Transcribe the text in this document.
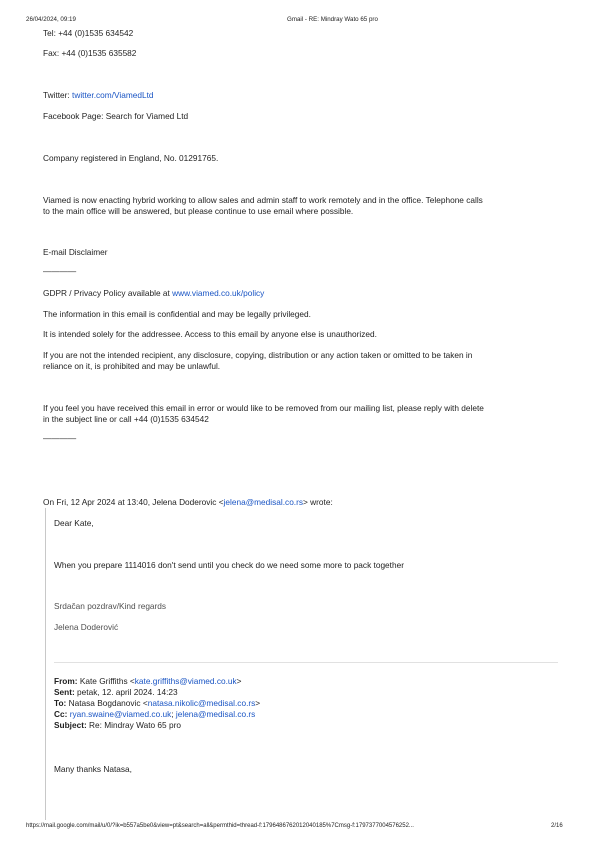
26/04/2024, 09:19	Gmail - RE: Mindray Wato 65 pro
Tel: +44 (0)1535 634542
Fax: +44 (0)1535 635582
Twitter: twitter.com/ViamedLtd
Facebook Page: Search for Viamed Ltd
Company registered in England, No. 01291765.
Viamed is now enacting hybrid working to allow sales and admin staff to work remotely and in the office. Telephone calls
to the main office will be answered, but please continue to use email where possible.
E-mail Disclaimer
————
GDPR / Privacy Policy available at www.viamed.co.uk/policy
The information in this email is confidential and may be legally privileged.
It is intended solely for the addressee. Access to this email by anyone else is unauthorized.
If you are not the intended recipient, any disclosure, copying, distribution or any action taken or omitted to be taken in
reliance on it, is prohibited and may be unlawful.
If you feel you have received this email in error or would like to be removed from our mailing list, please reply with delete
in the subject line or call +44 (0)1535 634542
————
On Fri, 12 Apr 2024 at 13:40, Jelena Doderovic <jelena@medisal.co.rs> wrote:
Dear Kate,
When you prepare 1114016 don't send until you check do we need some more to pack together
Srdačan pozdrav/Kind regards
Jelena Doderović
From: Kate Griffiths <kate.griffiths@viamed.co.uk>
Sent: petak, 12. april 2024. 14:23
To: Natasa Bogdanovic <natasa.nikolic@medisal.co.rs>
Cc: ryan.swaine@viamed.co.uk; jelena@medisal.co.rs
Subject: Re: Mindray Wato 65 pro
Many thanks Natasa,
https://mail.google.com/mail/u/0/?ik=b557a5be0&view=pt&search=all&permthid=thread-f:1796486762012040185%7Cmsg-f:1797377004576252...	2/16
